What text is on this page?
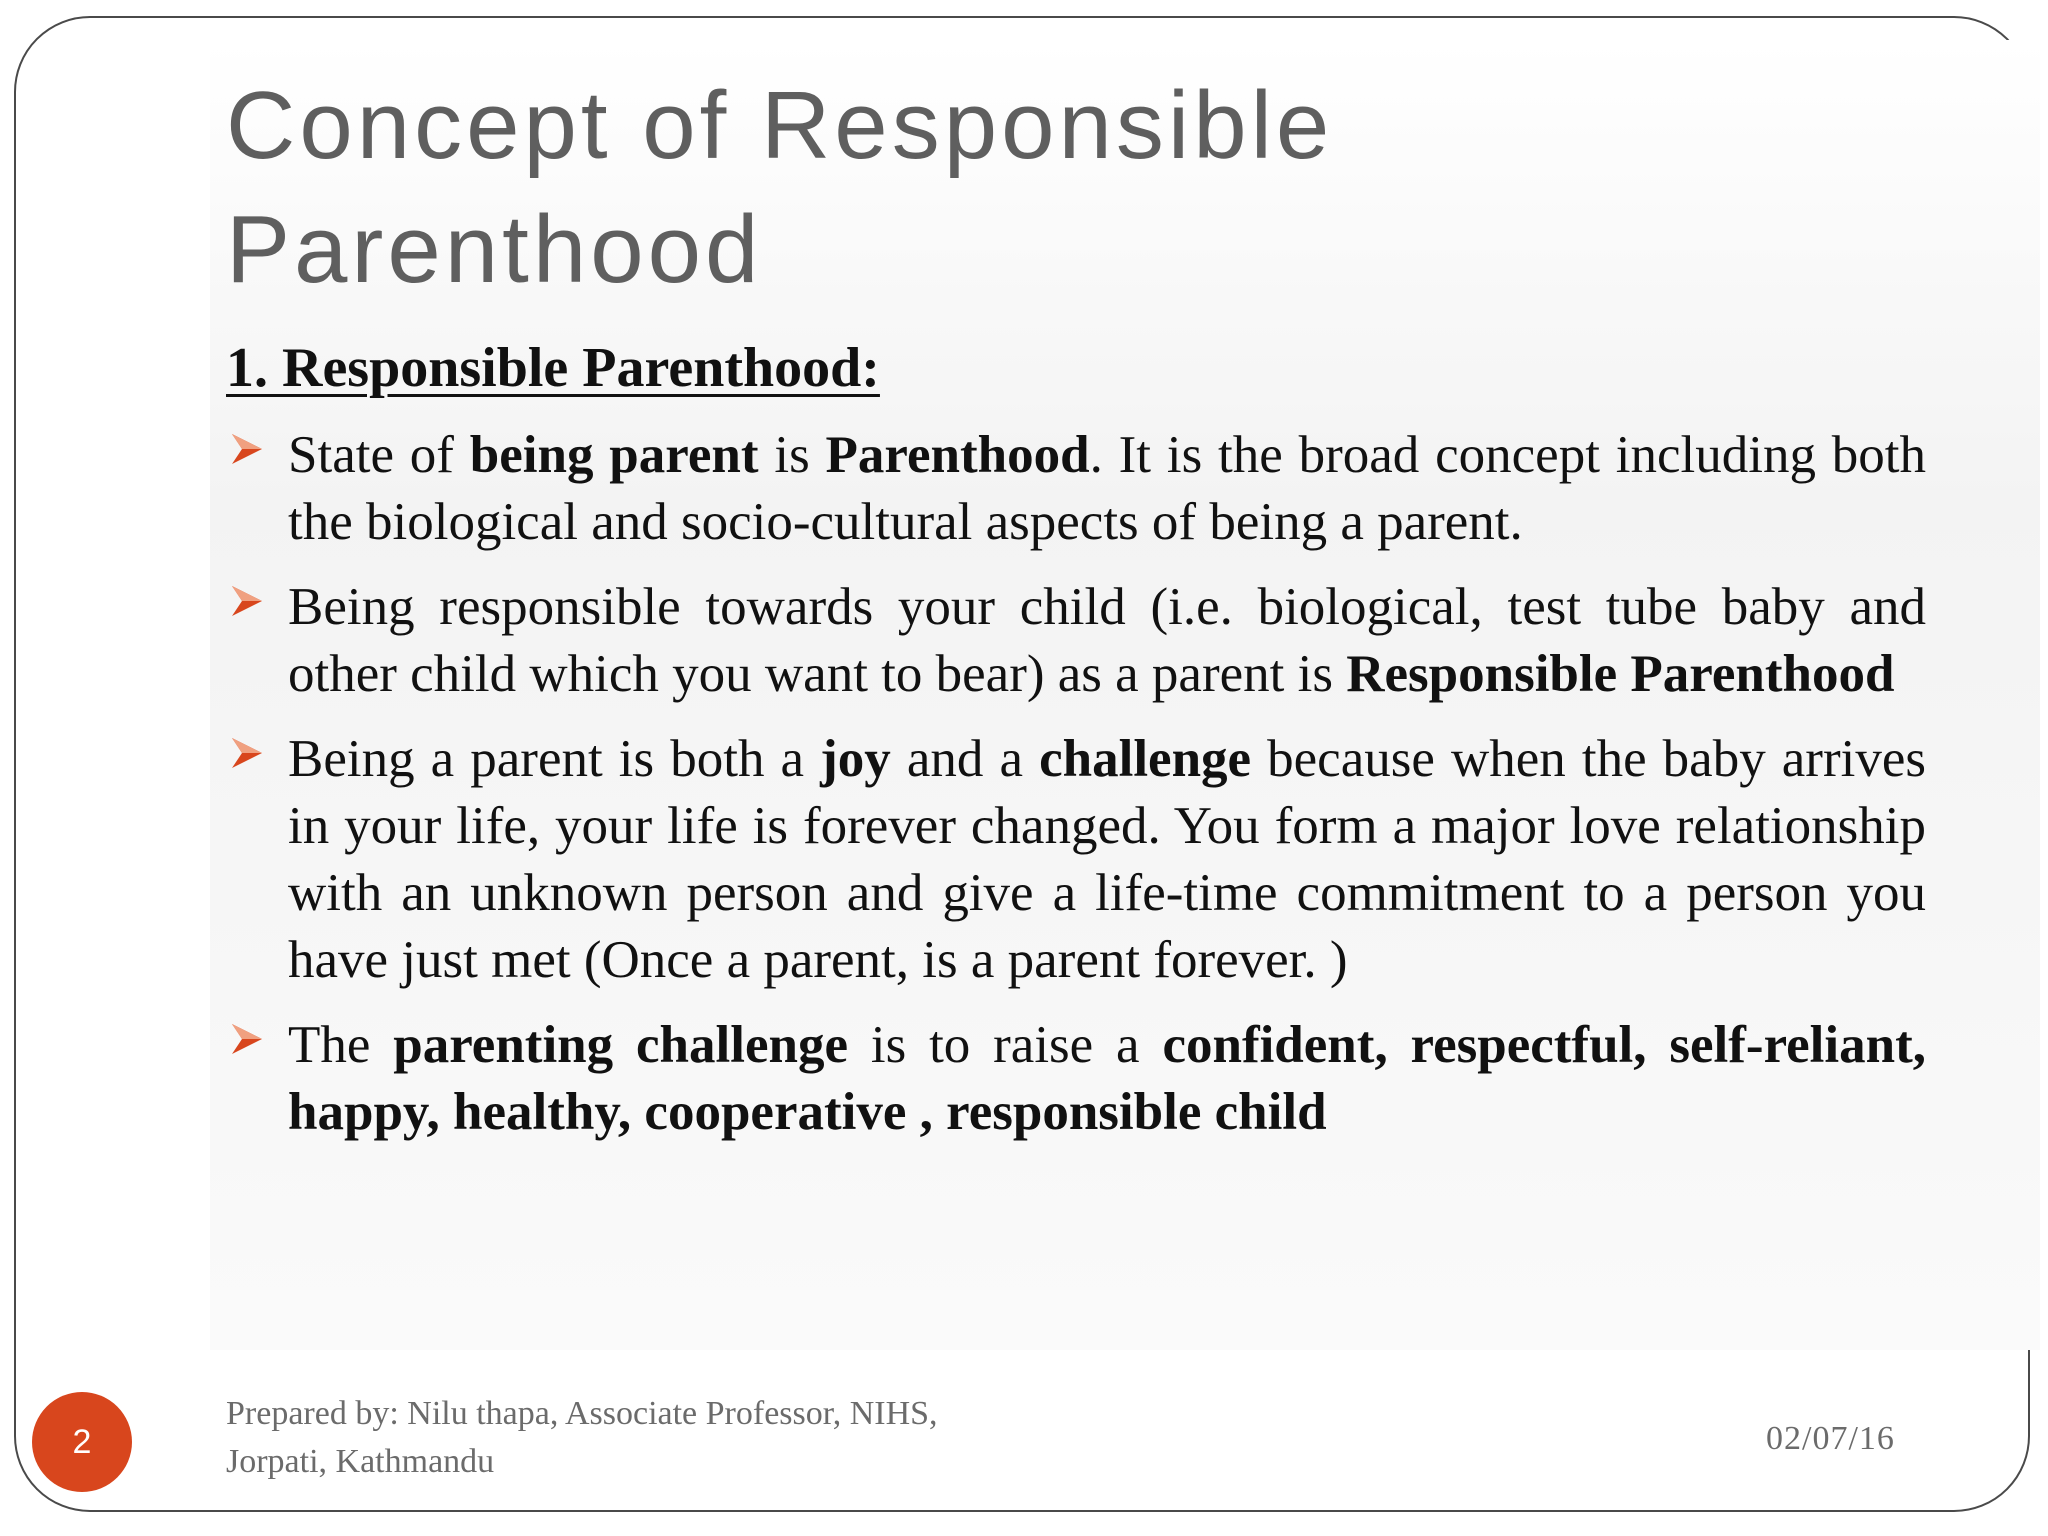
Concept of Responsible
Parenthood
1. Responsible Parenthood:
State of being parent is Parenthood. It is the broad concept including both the biological and socio-cultural aspects of being a parent.
Being responsible towards your child (i.e. biological, test tube baby and other child which you want to bear) as a parent is Responsible Parenthood
Being a parent is both a joy and a challenge because when the baby arrives in your life, your life is forever changed. You form a major love relationship with an unknown person and give a life-time commitment to a person you have just met (Once a parent, is a parent forever. )
The parenting challenge is to raise a confident, respectful, self-reliant, happy, healthy, cooperative , responsible child
2
Prepared by: Nilu thapa, Associate Professor, NIHS,
Jorpati, Kathmandu
02/07/16
